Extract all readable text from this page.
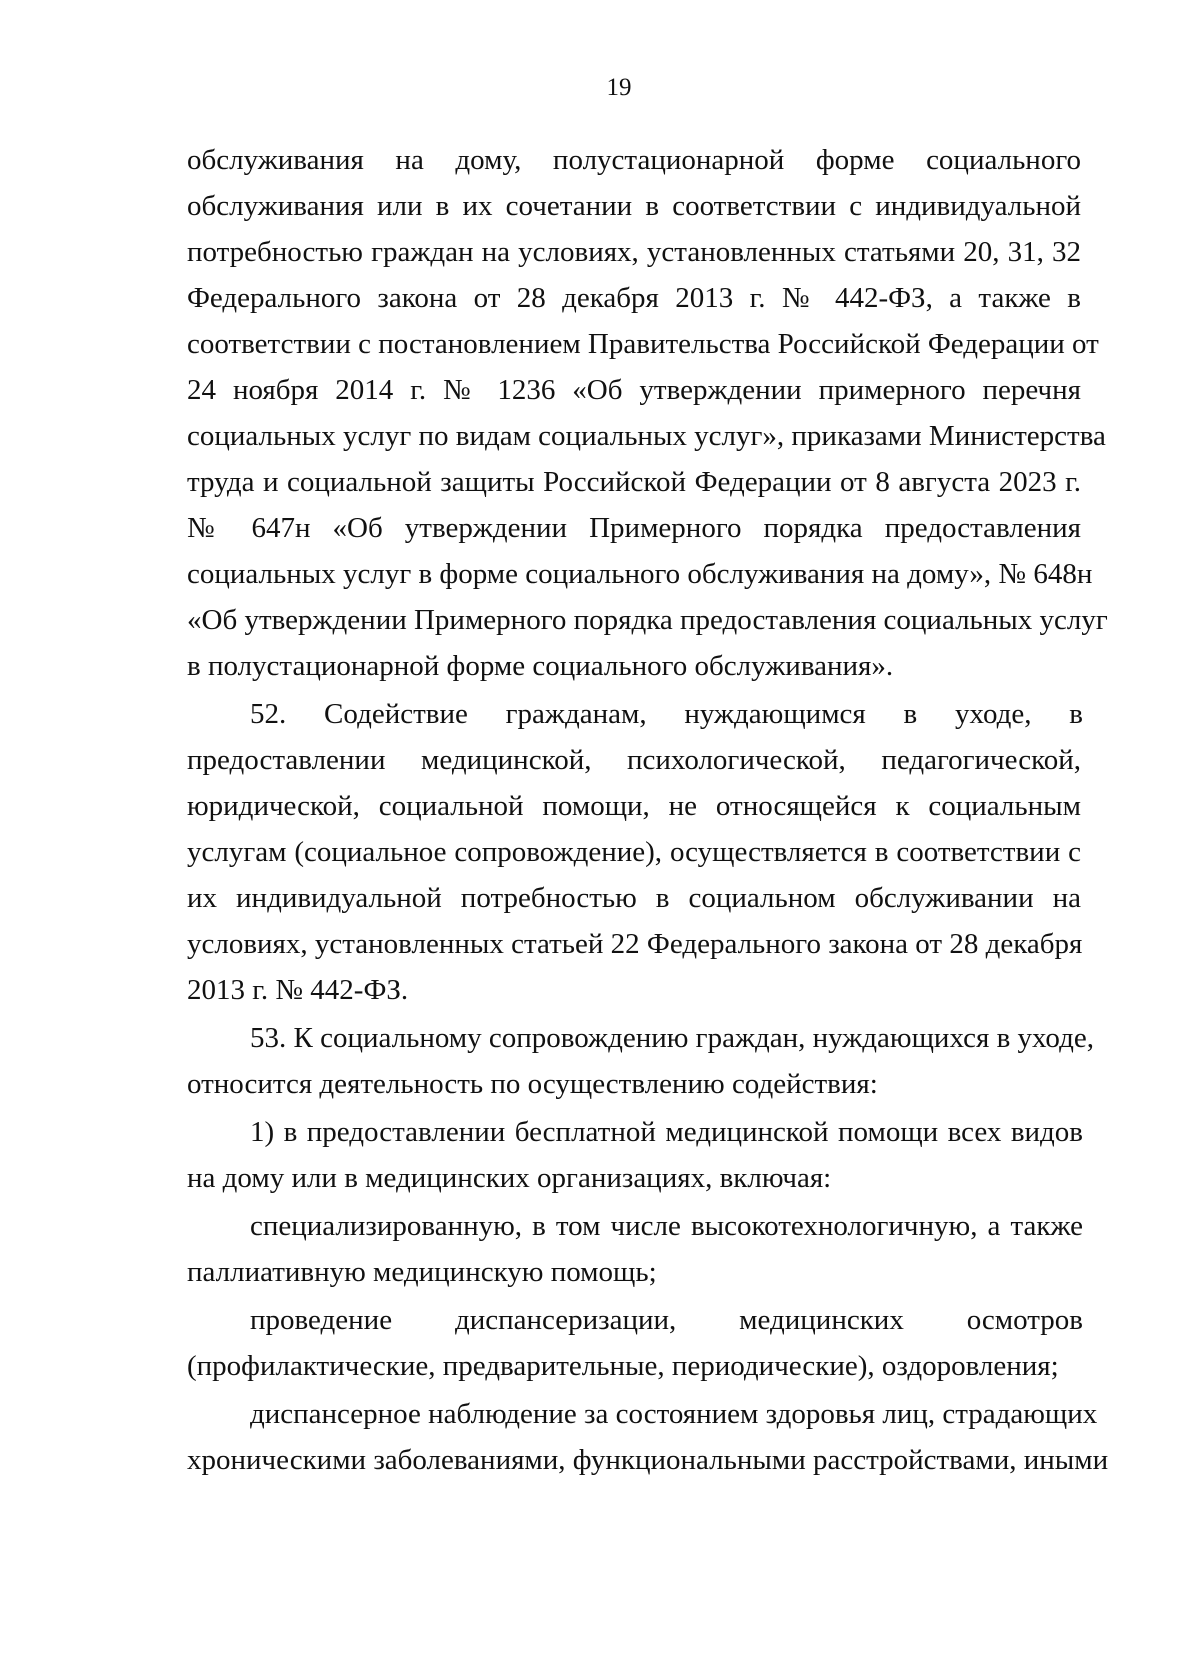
19
обслуживания на дому, полустационарной форме социального
обслуживания или в их сочетании в соответствии с индивидуальной
потребностью граждан на условиях, установленных статьями 20, 31, 32
Федерального закона от 28 декабря 2013 г. № 442-ФЗ, а также в
соответствии с постановлением Правительства Российской Федерации от
24 ноября 2014 г. № 1236 «Об утверждении примерного перечня
социальных услуг по видам социальных услуг», приказами Министерства
труда и социальной защиты Российской Федерации от 8 августа 2023 г.
№ 647н «Об утверждении Примерного порядка предоставления
социальных услуг в форме социального обслуживания на дому», № 648н
«Об утверждении Примерного порядка предоставления социальных услуг
в полустационарной форме социального обслуживания».
52. Содействие гражданам, нуждающимся в уходе, в
предоставлении медицинской, психологической, педагогической,
юридической, социальной помощи, не относящейся к социальным
услугам (социальное сопровождение), осуществляется в соответствии с
их индивидуальной потребностью в социальном обслуживании на
условиях, установленных статьей 22 Федерального закона от 28 декабря
2013 г. № 442-ФЗ.
53. К социальному сопровождению граждан, нуждающихся в уходе,
относится деятельность по осуществлению содействия:
1) в предоставлении бесплатной медицинской помощи всех видов
на дому или в медицинских организациях, включая:
специализированную, в том числе высокотехнологичную, а также
паллиативную медицинскую помощь;
проведение диспансеризации, медицинских осмотров
(профилактические, предварительные, периодические), оздоровления;
диспансерное наблюдение за состоянием здоровья лиц, страдающих
хроническими заболеваниями, функциональными расстройствами, иными
